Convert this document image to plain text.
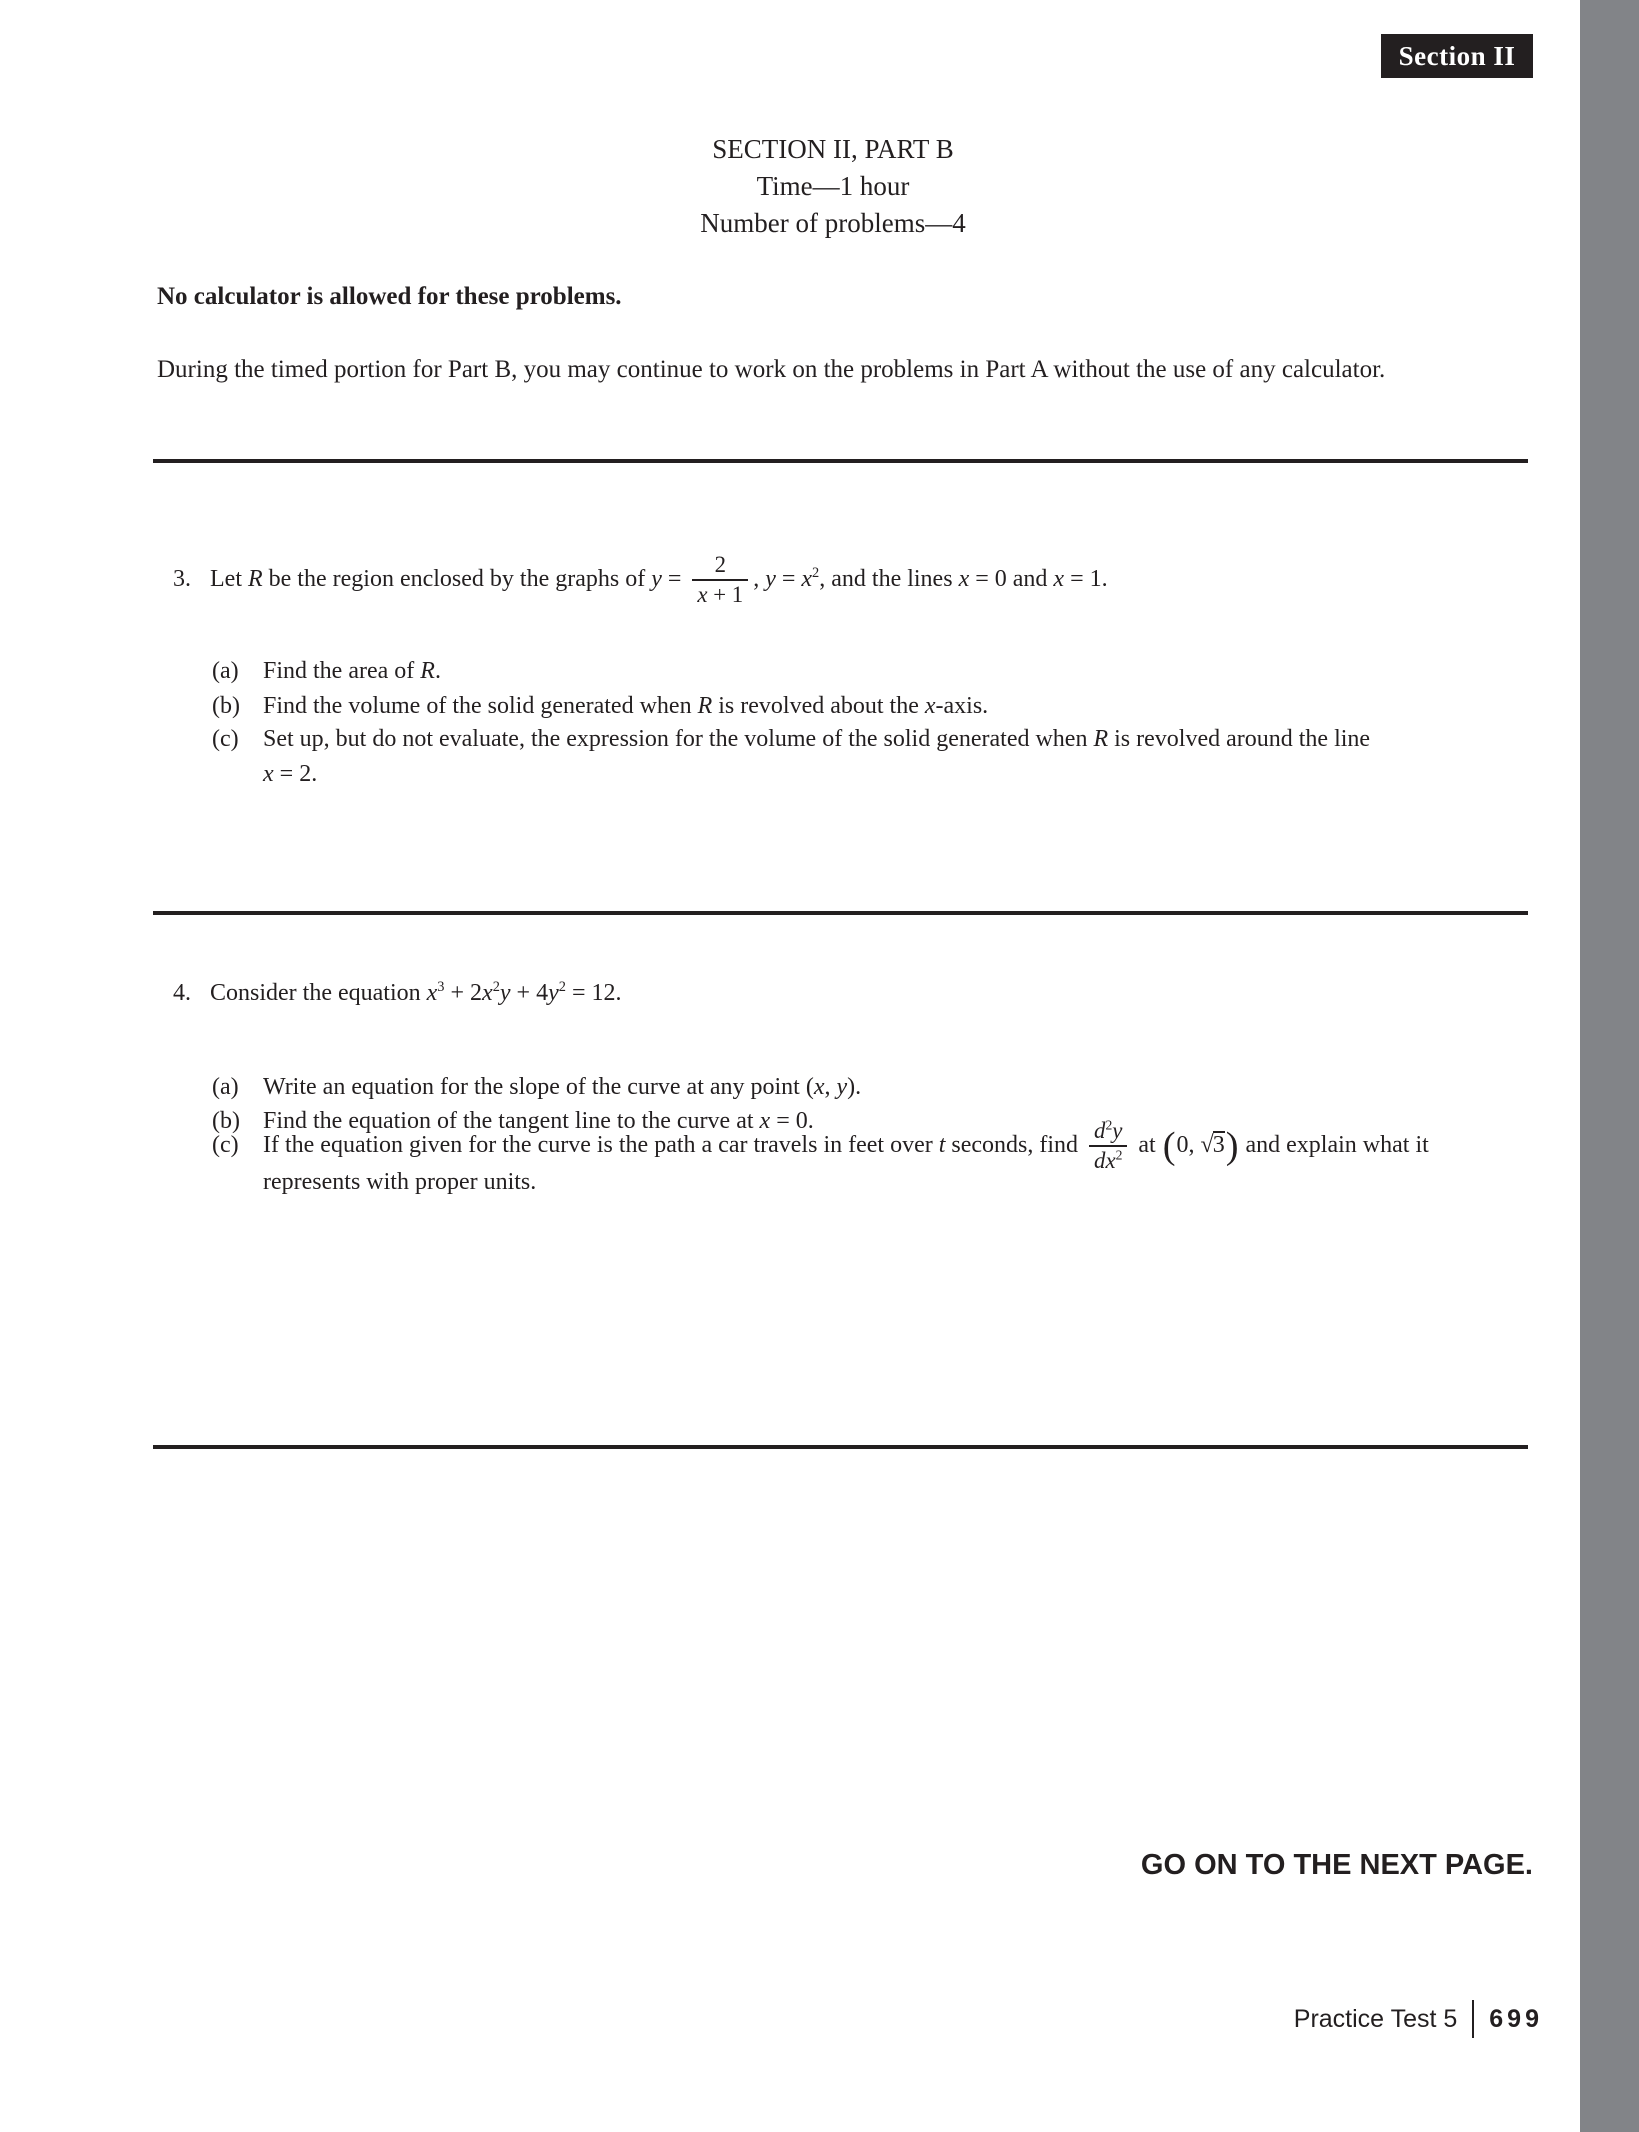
Section II
SECTION II, PART B
Time—1 hour
Number of problems—4
No calculator is allowed for these problems.
During the timed portion for Part B, you may continue to work on the problems in Part A without the use of any calculator.
3. Let R be the region enclosed by the graphs of $y = \frac{2}{x + 1}$ , $y = x^2$, and the lines x = 0 and x = 1.
(a) Find the area of R.
(b) Find the volume of the solid generated when R is revolved about the x-axis.
(c) Set up, but do not evaluate, the expression for the volume of the solid generated when R is revolved around the line
x = 2.
4. Consider the equation $x^3 + 2x^2y + 4y^2 = 12$.
(a) Write an equation for the slope of the curve at any point (x, y).
(b) Find the equation of the tangent line to the curve at x = 0.
(c) If the equation given for the curve is the path a car travels in feet over t seconds, find $\frac{d^2y}{dx^2}$ at (0, √3) and explain what it
represents with proper units.
GO ON TO THE NEXT PAGE.
Practice Test 5 699
